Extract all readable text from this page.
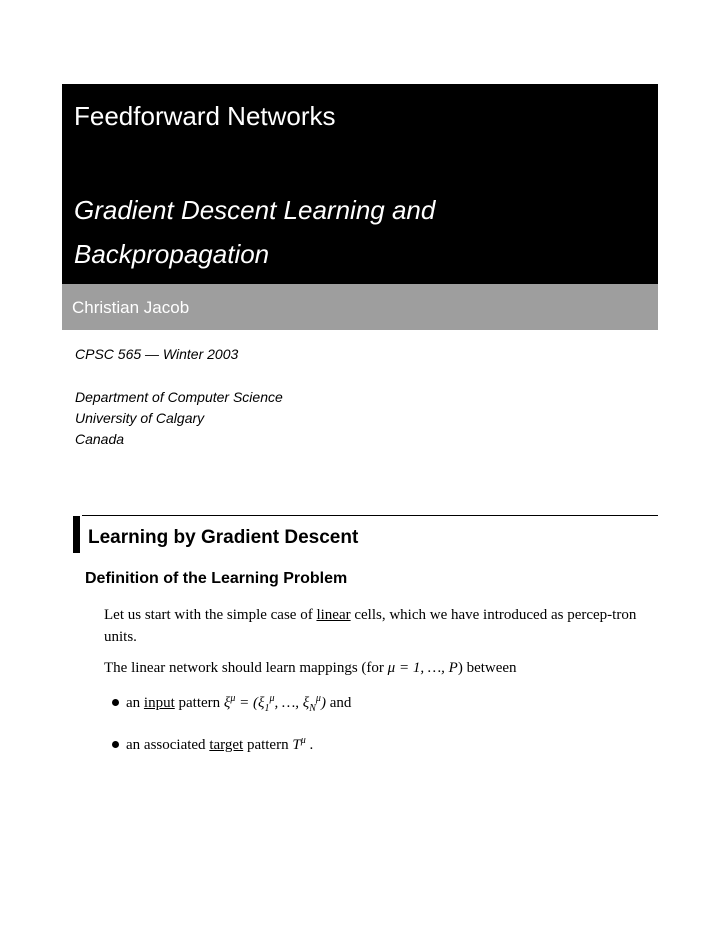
Feedforward Networks
Gradient Descent Learning and Backpropagation
Christian Jacob
CPSC 565 — Winter 2003
Department of Computer Science
University of Calgary
Canada
Learning by Gradient Descent
Definition of the Learning Problem

Let us start with the simple case of linear cells, which we have introduced as percep-tron units.

The linear network should learn mappings (for μ = 1, …, P) between

an input pattern $\xi^\mu = (\xi_1^\mu$, …, $\xi_N^\mu$) and
an associated target pattern $T^\mu$ .
